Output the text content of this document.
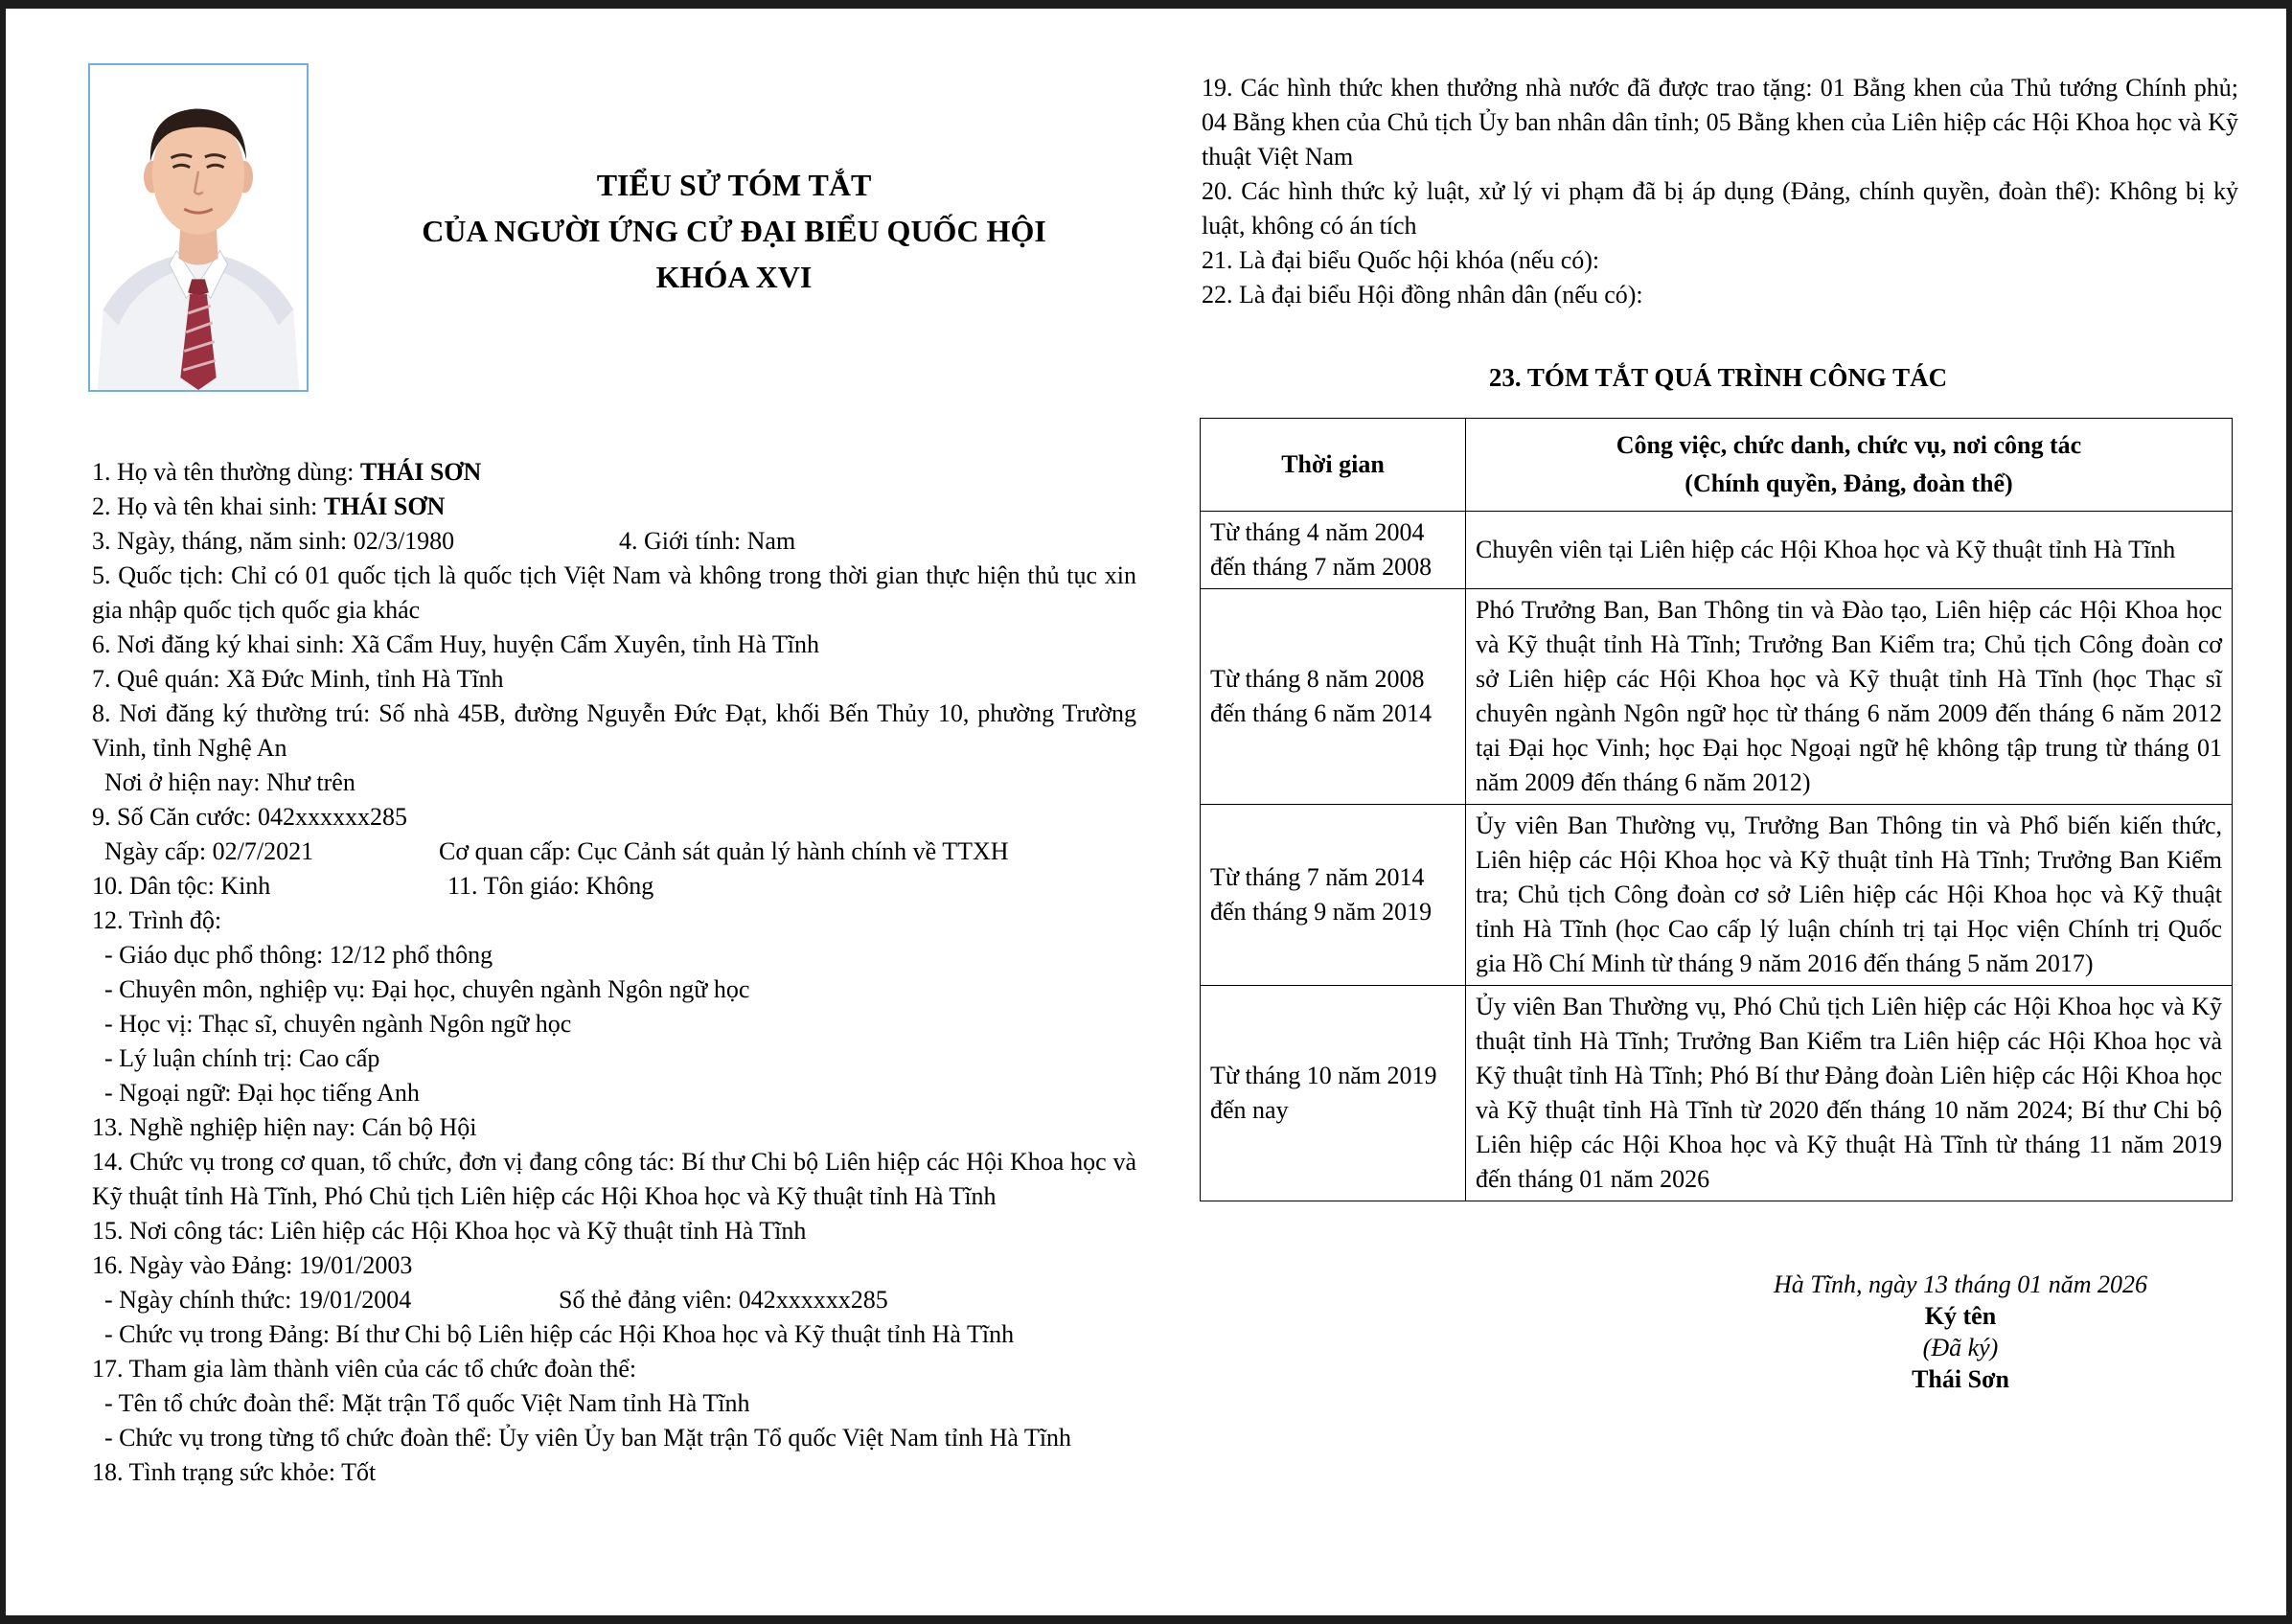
TIỂU SỬ TÓM TẮT
CỦA NGƯỜI ỨNG CỬ ĐẠI BIỂU QUỐC HỘI
KHÓA XVI

1. Họ và tên thường dùng: THÁI SƠN

2. Họ và tên khai sinh: THÁI SƠN

3. Ngày, tháng, năm sinh: 02/3/1980	4. Giới tính: Nam

5. Quốc tịch: Chỉ có 01 quốc tịch là quốc tịch Việt Nam và không trong thời gian thực hiện thủ tục xin gia nhập quốc tịch quốc gia khác

6. Nơi đăng ký khai sinh: Xã Cẩm Huy, huyện Cẩm Xuyên, tỉnh Hà Tĩnh

7. Quê quán: Xã Đức Minh, tỉnh Hà Tĩnh

8. Nơi đăng ký thường trú: Số nhà 45B, đường Nguyễn Đức Đạt, khối Bến Thủy 10, phường Trường Vinh, tỉnh Nghệ An

Nơi ở hiện nay: Như trên

9. Số Căn cước: 042xxxxxx285

Ngày cấp: 02/7/2021	Cơ quan cấp: Cục Cảnh sát quản lý hành chính về TTXH

10. Dân tộc: Kinh	11. Tôn giáo: Không

12. Trình độ:

- Giáo dục phổ thông: 12/12 phổ thông

- Chuyên môn, nghiệp vụ: Đại học, chuyên ngành Ngôn ngữ học

- Học vị: Thạc sĩ, chuyên ngành Ngôn ngữ học

- Lý luận chính trị: Cao cấp

- Ngoại ngữ: Đại học tiếng Anh

13. Nghề nghiệp hiện nay: Cán bộ Hội

14. Chức vụ trong cơ quan, tổ chức, đơn vị đang công tác: Bí thư Chi bộ Liên hiệp các Hội Khoa học và Kỹ thuật tỉnh Hà Tĩnh, Phó Chủ tịch Liên hiệp các Hội Khoa học và Kỹ thuật tỉnh Hà Tĩnh

15. Nơi công tác: Liên hiệp các Hội Khoa học và Kỹ thuật tỉnh Hà Tĩnh

16. Ngày vào Đảng: 19/01/2003

- Ngày chính thức: 19/01/2004	Số thẻ đảng viên: 042xxxxxx285

- Chức vụ trong Đảng: Bí thư Chi bộ Liên hiệp các Hội Khoa học và Kỹ thuật tỉnh Hà Tĩnh

17. Tham gia làm thành viên của các tổ chức đoàn thể:

- Tên tổ chức đoàn thể: Mặt trận Tổ quốc Việt Nam tỉnh Hà Tĩnh

- Chức vụ trong từng tổ chức đoàn thể: Ủy viên Ủy ban Mặt trận Tổ quốc Việt Nam tỉnh Hà Tĩnh

18. Tình trạng sức khỏe: Tốt

19. Các hình thức khen thưởng nhà nước đã được trao tặng: 01 Bằng khen của Thủ tướng Chính phủ; 04 Bằng khen của Chủ tịch Ủy ban nhân dân tỉnh; 05 Bằng khen của Liên hiệp các Hội Khoa học và Kỹ thuật Việt Nam

20. Các hình thức kỷ luật, xử lý vi phạm đã bị áp dụng (Đảng, chính quyền, đoàn thể): Không bị kỷ luật, không có án tích

21. Là đại biểu Quốc hội khóa (nếu có):

22. Là đại biểu Hội đồng nhân dân (nếu có):

23. TÓM TẮT QUÁ TRÌNH CÔNG TÁC
Thời gian	Công việc, chức danh, chức vụ, nơi công tác
(Chính quyền, Đảng, đoàn thể)

Từ tháng 4 năm 2004 đến tháng 7 năm 2008	Chuyên viên tại Liên hiệp các Hội Khoa học và Kỹ thuật tỉnh Hà Tĩnh
Từ tháng 8 năm 2008 đến tháng 6 năm 2014	Phó Trưởng Ban, Ban Thông tin và Đào tạo, Liên hiệp các Hội Khoa học và Kỹ thuật tỉnh Hà Tĩnh; Trưởng Ban Kiểm tra; Chủ tịch Công đoàn cơ sở Liên hiệp các Hội Khoa học và Kỹ thuật tỉnh Hà Tĩnh (học Thạc sĩ chuyên ngành Ngôn ngữ học từ tháng 6 năm 2009 đến tháng 6 năm 2012 tại Đại học Vinh; học Đại học Ngoại ngữ hệ không tập trung từ tháng 01 năm 2009 đến tháng 6 năm 2012)
Từ tháng 7 năm 2014 đến tháng 9 năm 2019	Ủy viên Ban Thường vụ, Trưởng Ban Thông tin và Phổ biến kiến thức, Liên hiệp các Hội Khoa học và Kỹ thuật tỉnh Hà Tĩnh; Trưởng Ban Kiểm tra; Chủ tịch Công đoàn cơ sở Liên hiệp các Hội Khoa học và Kỹ thuật tỉnh Hà Tĩnh (học Cao cấp lý luận chính trị tại Học viện Chính trị Quốc gia Hồ Chí Minh từ tháng 9 năm 2016 đến tháng 5 năm 2017)
Từ tháng 10 năm 2019 đến nay	Ủy viên Ban Thường vụ, Phó Chủ tịch Liên hiệp các Hội Khoa học và Kỹ thuật tỉnh Hà Tĩnh; Trưởng Ban Kiểm tra Liên hiệp các Hội Khoa học và Kỹ thuật tỉnh Hà Tĩnh; Phó Bí thư Đảng đoàn Liên hiệp các Hội Khoa học và Kỹ thuật tỉnh Hà Tĩnh từ 2020 đến tháng 10 năm 2024; Bí thư Chi bộ Liên hiệp các Hội Khoa học và Kỹ thuật Hà Tĩnh từ tháng 11 năm 2019 đến tháng 01 năm 2026
Hà Tĩnh, ngày 13 tháng 01 năm 2026
Ký tên
(Đã ký)
Thái Sơn
